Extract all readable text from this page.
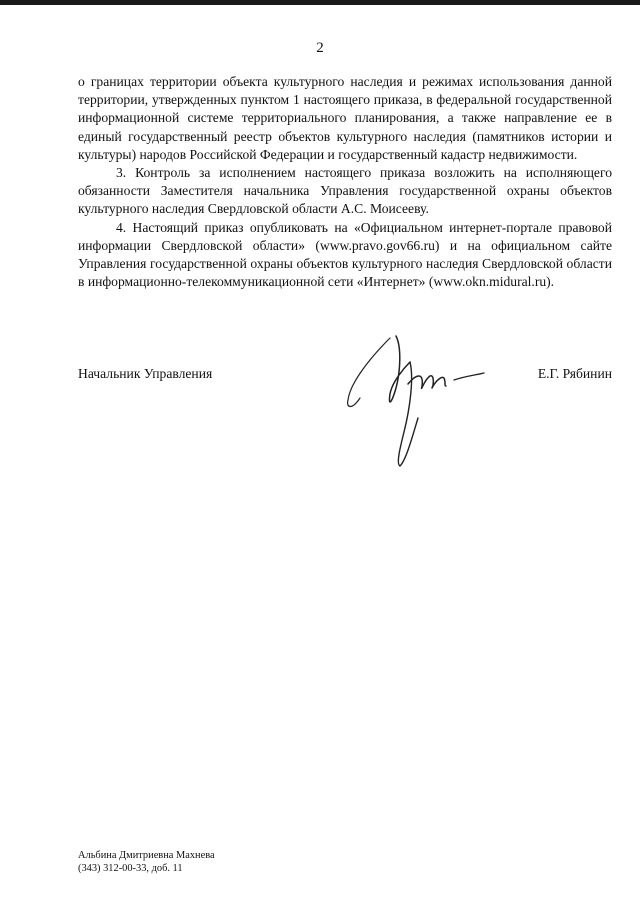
2

о границах территории объекта культурного наследия и режимах использования данной территории, утвержденных пунктом 1 настоящего приказа, в федеральной государственной информационной системе территориального планирования, а также направление ее в единый государственный реестр объектов культурного наследия (памятников истории и культуры) народов Российской Федерации и государственный кадастр недвижимости.

3. Контроль за исполнением настоящего приказа возложить на исполняющего обязанности Заместителя начальника Управления государственной охраны объектов культурного наследия Свердловской области А.С. Моисееву.

4. Настоящий приказ опубликовать на «Официальном интернет-портале правовой информации Свердловской области» (www.pravo.gov66.ru) и на официальном сайте Управления государственной охраны объектов культурного наследия Свердловской области в информационно-телекоммуникационной сети «Интернет» (www.okn.midural.ru).

Начальник Управления	Е.Г. Рябинин
Альбина Дмитриевна Махнева
(343) 312-00-33, доб. 11
